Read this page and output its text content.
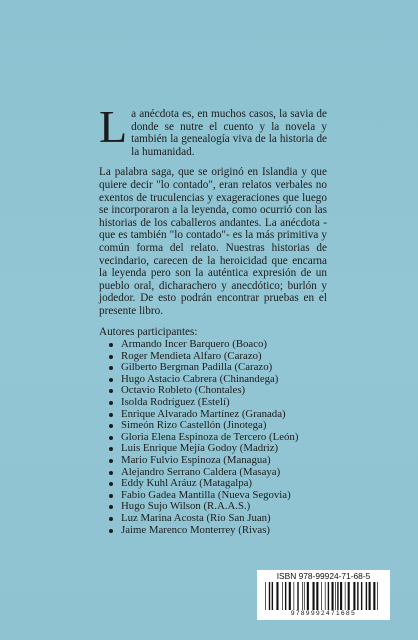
La anécdota es, en muchos casos, la savia de donde se nutre el cuento y la novela y también la genealogía viva de la historia de la humanidad.

La palabra saga, que se originó en Islandia y que quiere decir "lo contado", eran relatos verbales no exentos de truculencias y exageraciones que luego se incorporaron a la leyenda, como ocurrió con las historias de los caballeros andantes. La anécdota -que es también "lo contado"- es la más primitiva y común forma del relato. Nuestras historias de vecindario, carecen de la heroicidad que encarna la leyenda pero son la auténtica expresión de un pueblo oral, dicharachero y anecdótico; burlón y jodedor. De esto podrán encontrar pruebas en el presente libro.

Autores participantes:

Armando Incer Barquero (Boaco)
Roger Mendieta Alfaro (Carazo)
Gilberto Bergman Padilla (Carazo)
Hugo Astacio Cabrera (Chinandega)
Octavio Robleto (Chontales)
Isolda Rodríguez (Estelí)
Enrique Alvarado Martínez (Granada)
Simeón Rizo Castellón (Jinotega)
Gloria Elena Espinoza de Tercero (León)
Luis Enrique Mejía Godoy (Madriz)
Mario Fulvio Espinoza (Managua)
Alejandro Serrano Caldera (Masaya)
Eddy Kuhl Aráuz (Matagalpa)
Fabio Gadea Mantilla (Nueva Segovia)
Hugo Sujo Wilson (R.A.A.S.)
Luz Marina Acosta (Río San Juan)
Jaime Marenco Monterrey (Rivas)
ISBN 978-99924-71-68-5
9789992471685
